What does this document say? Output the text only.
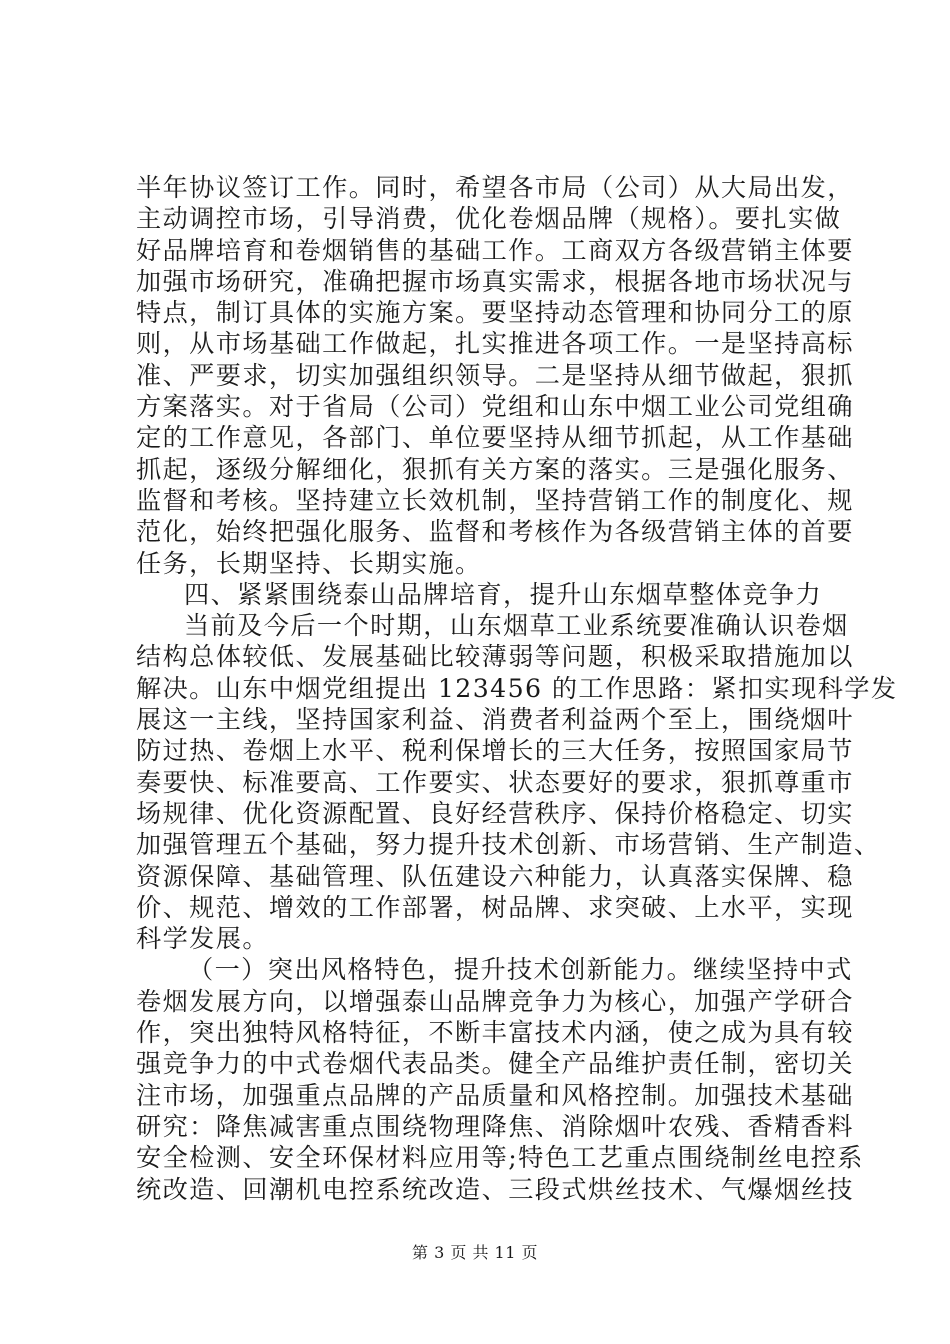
半年协议签订工作。同时，希望各市局（公司）从大局出发，
主动调控市场，引导消费，优化卷烟品牌（规格）。要扎实做
好品牌培育和卷烟销售的基础工作。工商双方各级营销主体要
加强市场研究，准确把握市场真实需求，根据各地市场状况与
特点，制订具体的实施方案。要坚持动态管理和协同分工的原
则，从市场基础工作做起，扎实推进各项工作。一是坚持高标
准、严要求，切实加强组织领导。二是坚持从细节做起，狠抓
方案落实。对于省局（公司）党组和山东中烟工业公司党组确
定的工作意见，各部门、单位要坚持从细节抓起，从工作基础
抓起，逐级分解细化，狠抓有关方案的落实。三是强化服务、
监督和考核。坚持建立长效机制，坚持营销工作的制度化、规
范化，始终把强化服务、监督和考核作为各级营销主体的首要
任务，长期坚持、长期实施。
四、紧紧围绕泰山品牌培育，提升山东烟草整体竞争力
当前及今后一个时期，山东烟草工业系统要准确认识卷烟
结构总体较低、发展基础比较薄弱等问题，积极采取措施加以
解决。山东中烟党组提出 123456 的工作思路：紧扣实现科学发
展这一主线，坚持国家利益、消费者利益两个至上，围绕烟叶
防过热、卷烟上水平、税利保增长的三大任务，按照国家局节
奏要快、标准要高、工作要实、状态要好的要求，狠抓尊重市
场规律、优化资源配置、良好经营秩序、保持价格稳定、切实
加强管理五个基础，努力提升技术创新、市场营销、生产制造、
资源保障、基础管理、队伍建设六种能力，认真落实保牌、稳
价、规范、增效的工作部署，树品牌、求突破、上水平，实现
科学发展。
（一）突出风格特色，提升技术创新能力。继续坚持中式
卷烟发展方向，以增强泰山品牌竞争力为核心，加强产学研合
作，突出独特风格特征，不断丰富技术内涵，使之成为具有较
强竞争力的中式卷烟代表品类。健全产品维护责任制，密切关
注市场，加强重点品牌的产品质量和风格控制。加强技术基础
研究：降焦减害重点围绕物理降焦、消除烟叶农残、香精香料
安全检测、安全环保材料应用等;特色工艺重点围绕制丝电控系
统改造、回潮机电控系统改造、三段式烘丝技术、气爆烟丝技
第 3 页 共 11 页
